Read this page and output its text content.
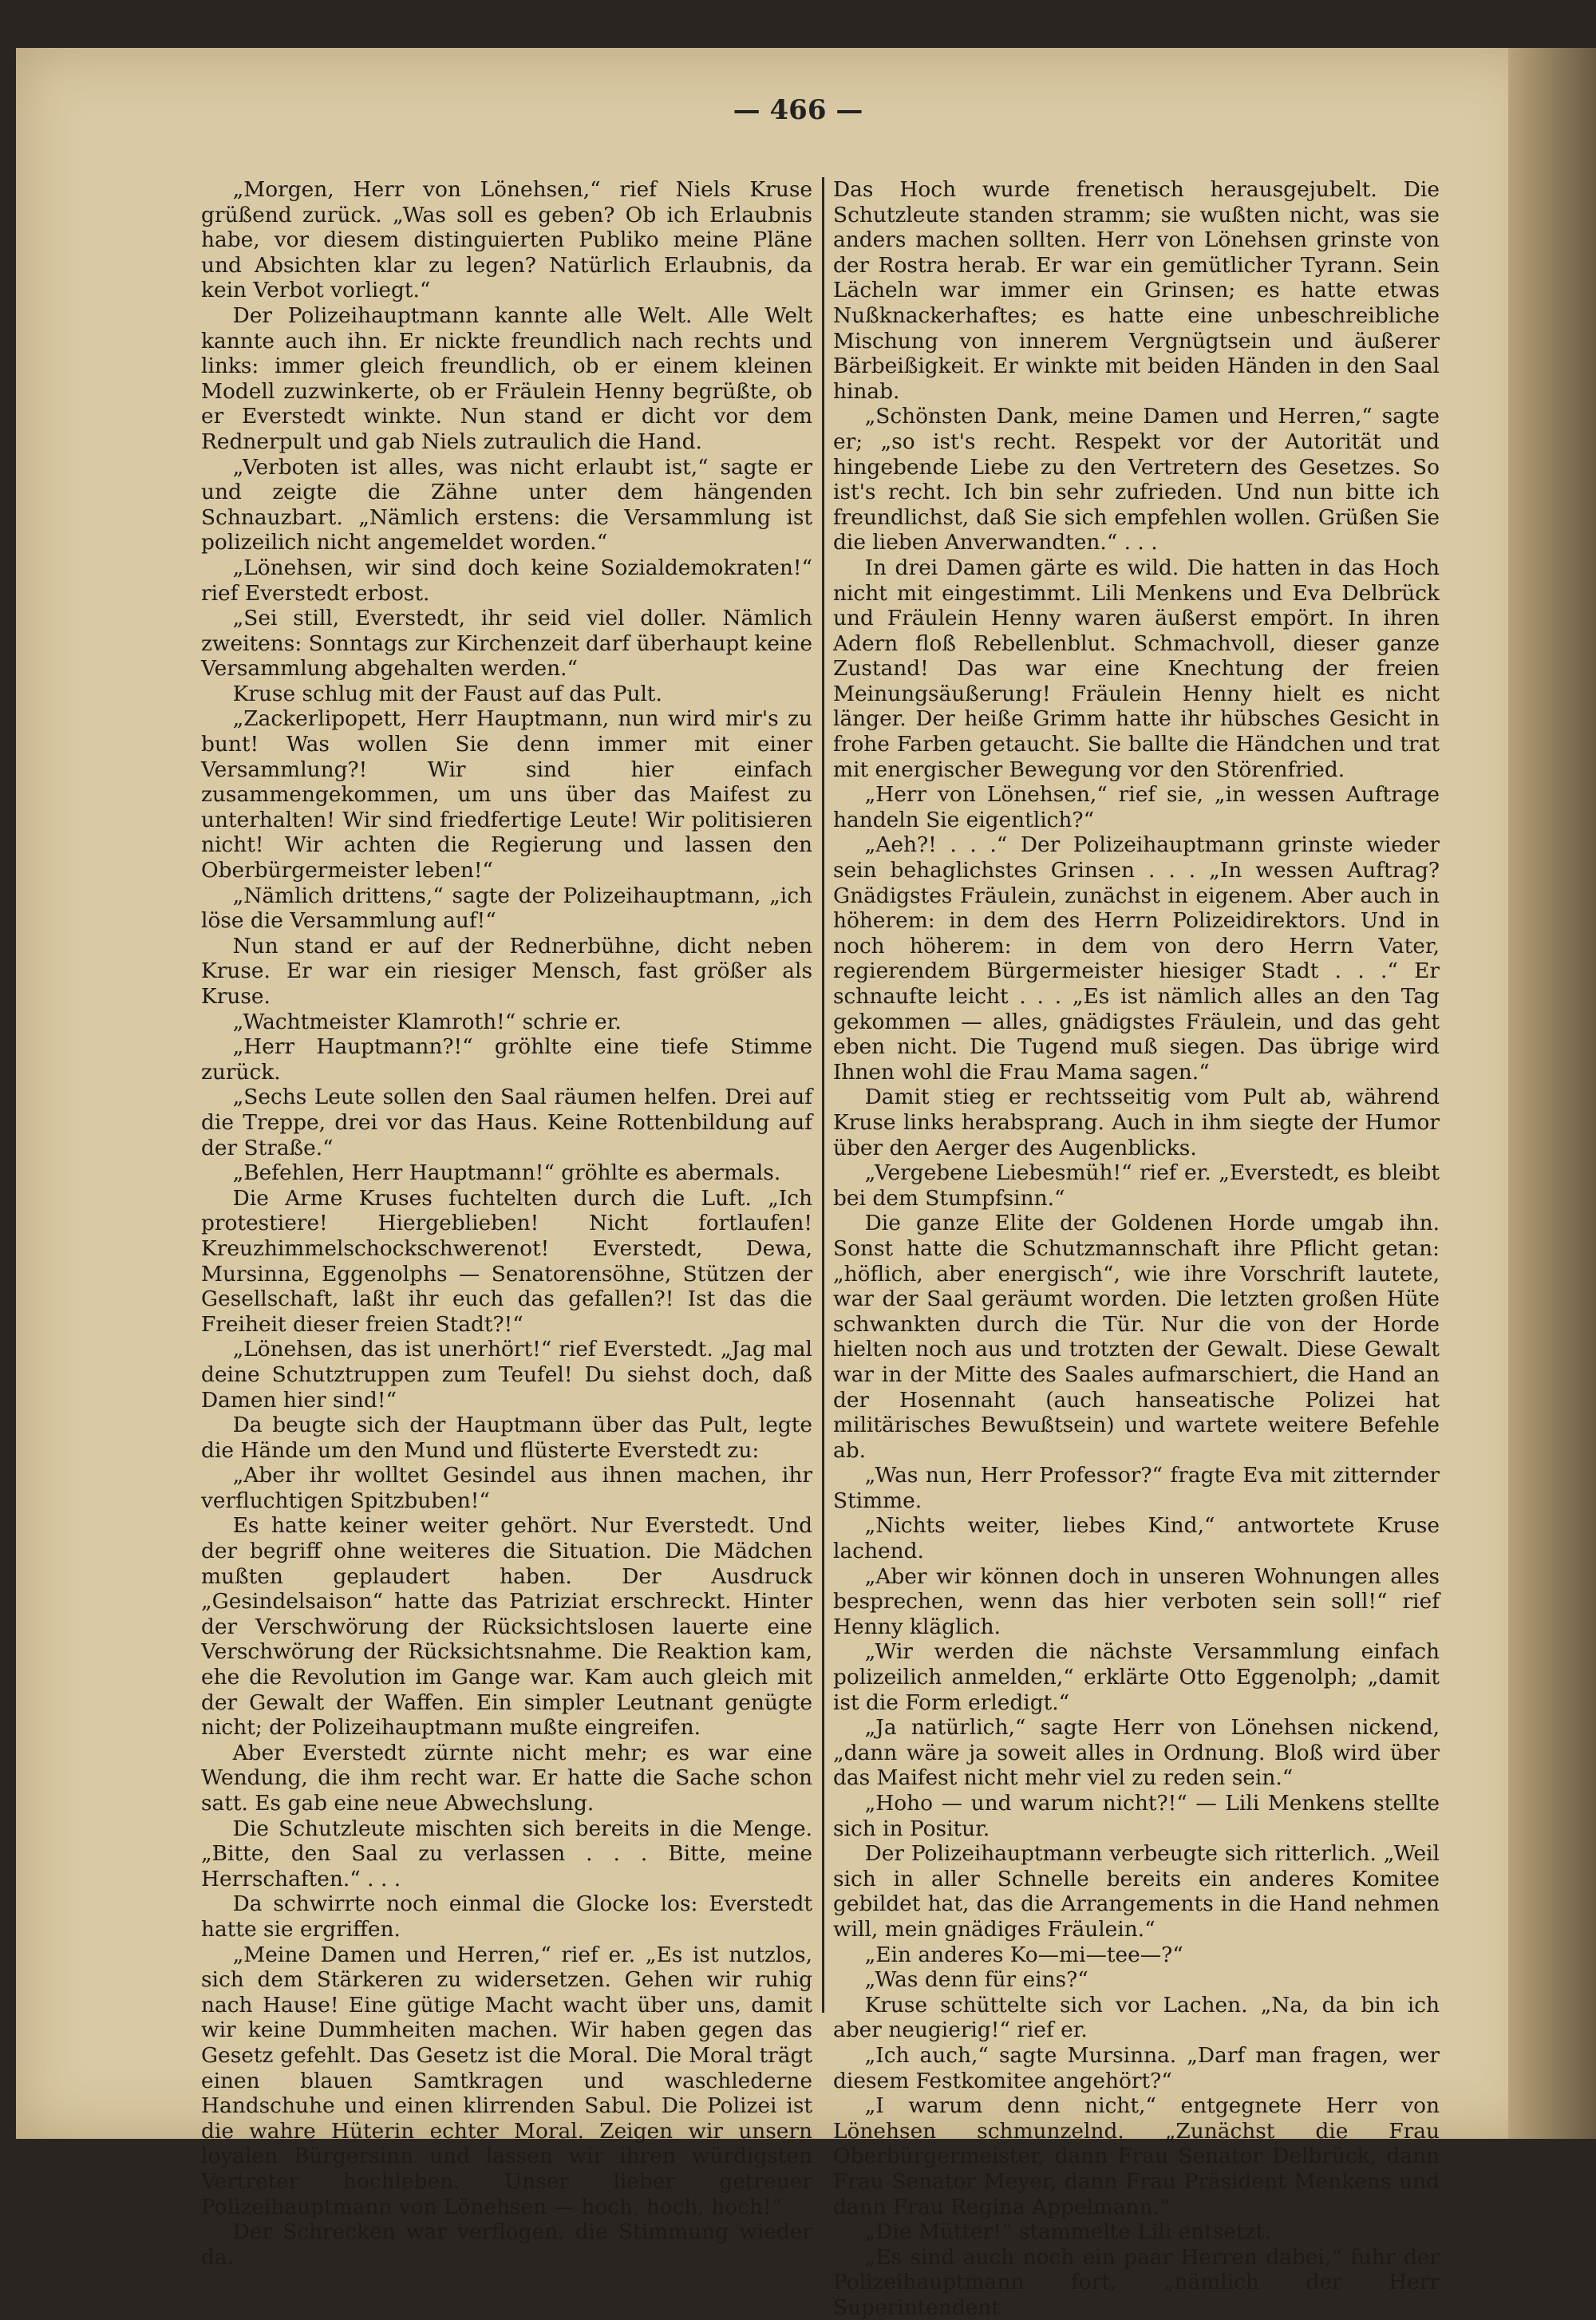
— 466 —

„Morgen, Herr von Lönehsen,“ rief Niels Kruse grüßend zurück. „Was soll es geben? Ob ich Erlaubnis habe, vor diesem distinguierten Publiko meine Pläne und Absichten klar zu legen? Natürlich Erlaubnis, da kein Verbot vorliegt.“

Der Polizeihauptmann kannte alle Welt. Alle Welt kannte auch ihn. Er nickte freundlich nach rechts und links: immer gleich freundlich, ob er einem kleinen Modell zuzwinkerte, ob er Fräulein Henny begrüßte, ob er Everstedt winkte. Nun stand er dicht vor dem Rednerpult und gab Niels zutraulich die Hand.

„Verboten ist alles, was nicht erlaubt ist,“ sagte er und zeigte die Zähne unter dem hängenden Schnauzbart. „Nämlich erstens: die Versammlung ist polizeilich nicht angemeldet worden.“

„Lönehsen, wir sind doch keine Sozialdemokraten!“ rief Everstedt erbost.

„Sei still, Everstedt, ihr seid viel doller. Nämlich zweitens: Sonntags zur Kirchenzeit darf überhaupt keine Versammlung abgehalten werden.“

Kruse schlug mit der Faust auf das Pult.

„Zackerlipopett, Herr Hauptmann, nun wird mir's zu bunt! Was wollen Sie denn immer mit einer Versammlung?! Wir sind hier einfach zusammengekommen, um uns über das Maifest zu unterhalten! Wir sind friedfertige Leute! Wir politisieren nicht! Wir achten die Regierung und lassen den Oberbürgermeister leben!“

„Nämlich drittens,“ sagte der Polizeihauptmann, „ich löse die Versammlung auf!“

Nun stand er auf der Rednerbühne, dicht neben Kruse. Er war ein riesiger Mensch, fast größer als Kruse.

„Wachtmeister Klamroth!“ schrie er.

„Herr Hauptmann?!“ gröhlte eine tiefe Stimme zurück.

„Sechs Leute sollen den Saal räumen helfen. Drei auf die Treppe, drei vor das Haus. Keine Rottenbildung auf der Straße.“

„Befehlen, Herr Hauptmann!“ gröhlte es abermals.

Die Arme Kruses fuchtelten durch die Luft. „Ich protestiere! Hiergeblieben! Nicht fortlaufen! Kreuzhimmelschockschwerenot! Everstedt, Dewa, Mursinna, Eggenolphs — Senatorensöhne, Stützen der Gesellschaft, laßt ihr euch das gefallen?! Ist das die Freiheit dieser freien Stadt?!“

„Lönehsen, das ist unerhört!“ rief Everstedt. „Jag mal deine Schutztruppen zum Teufel! Du siehst doch, daß Damen hier sind!“

Da beugte sich der Hauptmann über das Pult, legte die Hände um den Mund und flüsterte Everstedt zu:

„Aber ihr wolltet Gesindel aus ihnen machen, ihr verfluchtigen Spitzbuben!“

Es hatte keiner weiter gehört. Nur Everstedt. Und der begriff ohne weiteres die Situation. Die Mädchen mußten geplaudert haben. Der Ausdruck „Gesindelsaison“ hatte das Patriziat erschreckt. Hinter der Verschwörung der Rücksichtslosen lauerte eine Verschwörung der Rücksichtsnahme. Die Reaktion kam, ehe die Revolution im Gange war. Kam auch gleich mit der Gewalt der Waffen. Ein simpler Leutnant genügte nicht; der Polizeihauptmann mußte eingreifen.

Aber Everstedt zürnte nicht mehr; es war eine Wendung, die ihm recht war. Er hatte die Sache schon satt. Es gab eine neue Abwechslung.

Die Schutzleute mischten sich bereits in die Menge. „Bitte, den Saal zu verlassen . . . Bitte, meine Herrschaften.“ . . .

Da schwirrte noch einmal die Glocke los: Everstedt hatte sie ergriffen.

„Meine Damen und Herren,“ rief er. „Es ist nutzlos, sich dem Stärkeren zu widersetzen. Gehen wir ruhig nach Hause! Eine gütige Macht wacht über uns, damit wir keine Dummheiten machen. Wir haben gegen das Gesetz gefehlt. Das Gesetz ist die Moral. Die Moral trägt einen blauen Samtkragen und waschlederne Handschuhe und einen klirrenden Sabul. Die Polizei ist die wahre Hüterin echter Moral. Zeigen wir unsern loyalen Bürgersinn und lassen wir ihren würdigsten Vertreter hochleben. Unser lieber getreuer Polizeihauptmann von Lönehsen — hoch, hoch, hoch!“

Der Schrecken war verflogen, die Stimmung wieder da.

Das Hoch wurde frenetisch herausgejubelt. Die Schutzleute standen stramm; sie wußten nicht, was sie anders machen sollten. Herr von Lönehsen grinste von der Rostra herab. Er war ein gemütlicher Tyrann. Sein Lächeln war immer ein Grinsen; es hatte etwas Nußknackerhaftes; es hatte eine unbeschreibliche Mischung von innerem Vergnügtsein und äußerer Bärbeißigkeit. Er winkte mit beiden Händen in den Saal hinab.

„Schönsten Dank, meine Damen und Herren,“ sagte er; „so ist's recht. Respekt vor der Autorität und hingebende Liebe zu den Vertretern des Gesetzes. So ist's recht. Ich bin sehr zufrieden. Und nun bitte ich freundlichst, daß Sie sich empfehlen wollen. Grüßen Sie die lieben Anverwandten.“ . . .

In drei Damen gärte es wild. Die hatten in das Hoch nicht mit eingestimmt. Lili Menkens und Eva Delbrück und Fräulein Henny waren äußerst empört. In ihren Adern floß Rebellenblut. Schmachvoll, dieser ganze Zustand! Das war eine Knechtung der freien Meinungsäußerung! Fräulein Henny hielt es nicht länger. Der heiße Grimm hatte ihr hübsches Gesicht in frohe Farben getaucht. Sie ballte die Händchen und trat mit energischer Bewegung vor den Störenfried.

„Herr von Lönehsen,“ rief sie, „in wessen Auftrage handeln Sie eigentlich?“

„Aeh?! . . .“ Der Polizeihauptmann grinste wieder sein behaglichstes Grinsen . . . „In wessen Auftrag? Gnädigstes Fräulein, zunächst in eigenem. Aber auch in höherem: in dem des Herrn Polizeidirektors. Und in noch höherem: in dem von dero Herrn Vater, regierendem Bürgermeister hiesiger Stadt . . .“ Er schnaufte leicht . . . „Es ist nämlich alles an den Tag gekommen — alles, gnädigstes Fräulein, und das geht eben nicht. Die Tugend muß siegen. Das übrige wird Ihnen wohl die Frau Mama sagen.“

Damit stieg er rechtsseitig vom Pult ab, während Kruse links herabsprang. Auch in ihm siegte der Humor über den Aerger des Augenblicks.

„Vergebene Liebesmüh!“ rief er. „Everstedt, es bleibt bei dem Stumpfsinn.“

Die ganze Elite der Goldenen Horde umgab ihn. Sonst hatte die Schutzmannschaft ihre Pflicht getan: „höflich, aber energisch“, wie ihre Vorschrift lautete, war der Saal geräumt worden. Die letzten großen Hüte schwankten durch die Tür. Nur die von der Horde hielten noch aus und trotzten der Gewalt. Diese Gewalt war in der Mitte des Saales aufmarschiert, die Hand an der Hosennaht (auch hanseatische Polizei hat militärisches Bewußtsein) und wartete weitere Befehle ab.

„Was nun, Herr Professor?“ fragte Eva mit zitternder Stimme.

„Nichts weiter, liebes Kind,“ antwortete Kruse lachend.

„Aber wir können doch in unseren Wohnungen alles besprechen, wenn das hier verboten sein soll!“ rief Henny kläglich.

„Wir werden die nächste Versammlung einfach polizeilich anmelden,“ erklärte Otto Eggenolph; „damit ist die Form erledigt.“

„Ja natürlich,“ sagte Herr von Lönehsen nickend, „dann wäre ja soweit alles in Ordnung. Bloß wird über das Maifest nicht mehr viel zu reden sein.“

„Hoho — und warum nicht?!“ — Lili Menkens stellte sich in Positur.

Der Polizeihauptmann verbeugte sich ritterlich. „Weil sich in aller Schnelle bereits ein anderes Komitee gebildet hat, das die Arrangements in die Hand nehmen will, mein gnädiges Fräulein.“

„Ein anderes Ko—mi—tee—?“

„Was denn für eins?“

Kruse schüttelte sich vor Lachen. „Na, da bin ich aber neugierig!“ rief er.

„Ich auch,“ sagte Mursinna. „Darf man fragen, wer diesem Festkomitee angehört?“

„I warum denn nicht,“ entgegnete Herr von Lönehsen schmunzelnd. „Zunächst die Frau Oberbürgermeister, dann Frau Senator Delbrück, dann Frau Senator Meyer, dann Frau Präsident Menkens und dann Frau Regina Appelmann.“

„Die Mütter!“ stammelte Lili entsetzt.

„Es sind auch noch ein paar Herren dabei,“ fuhr der Polizeihauptmann fort, „nämlich der Herr Superintendent
